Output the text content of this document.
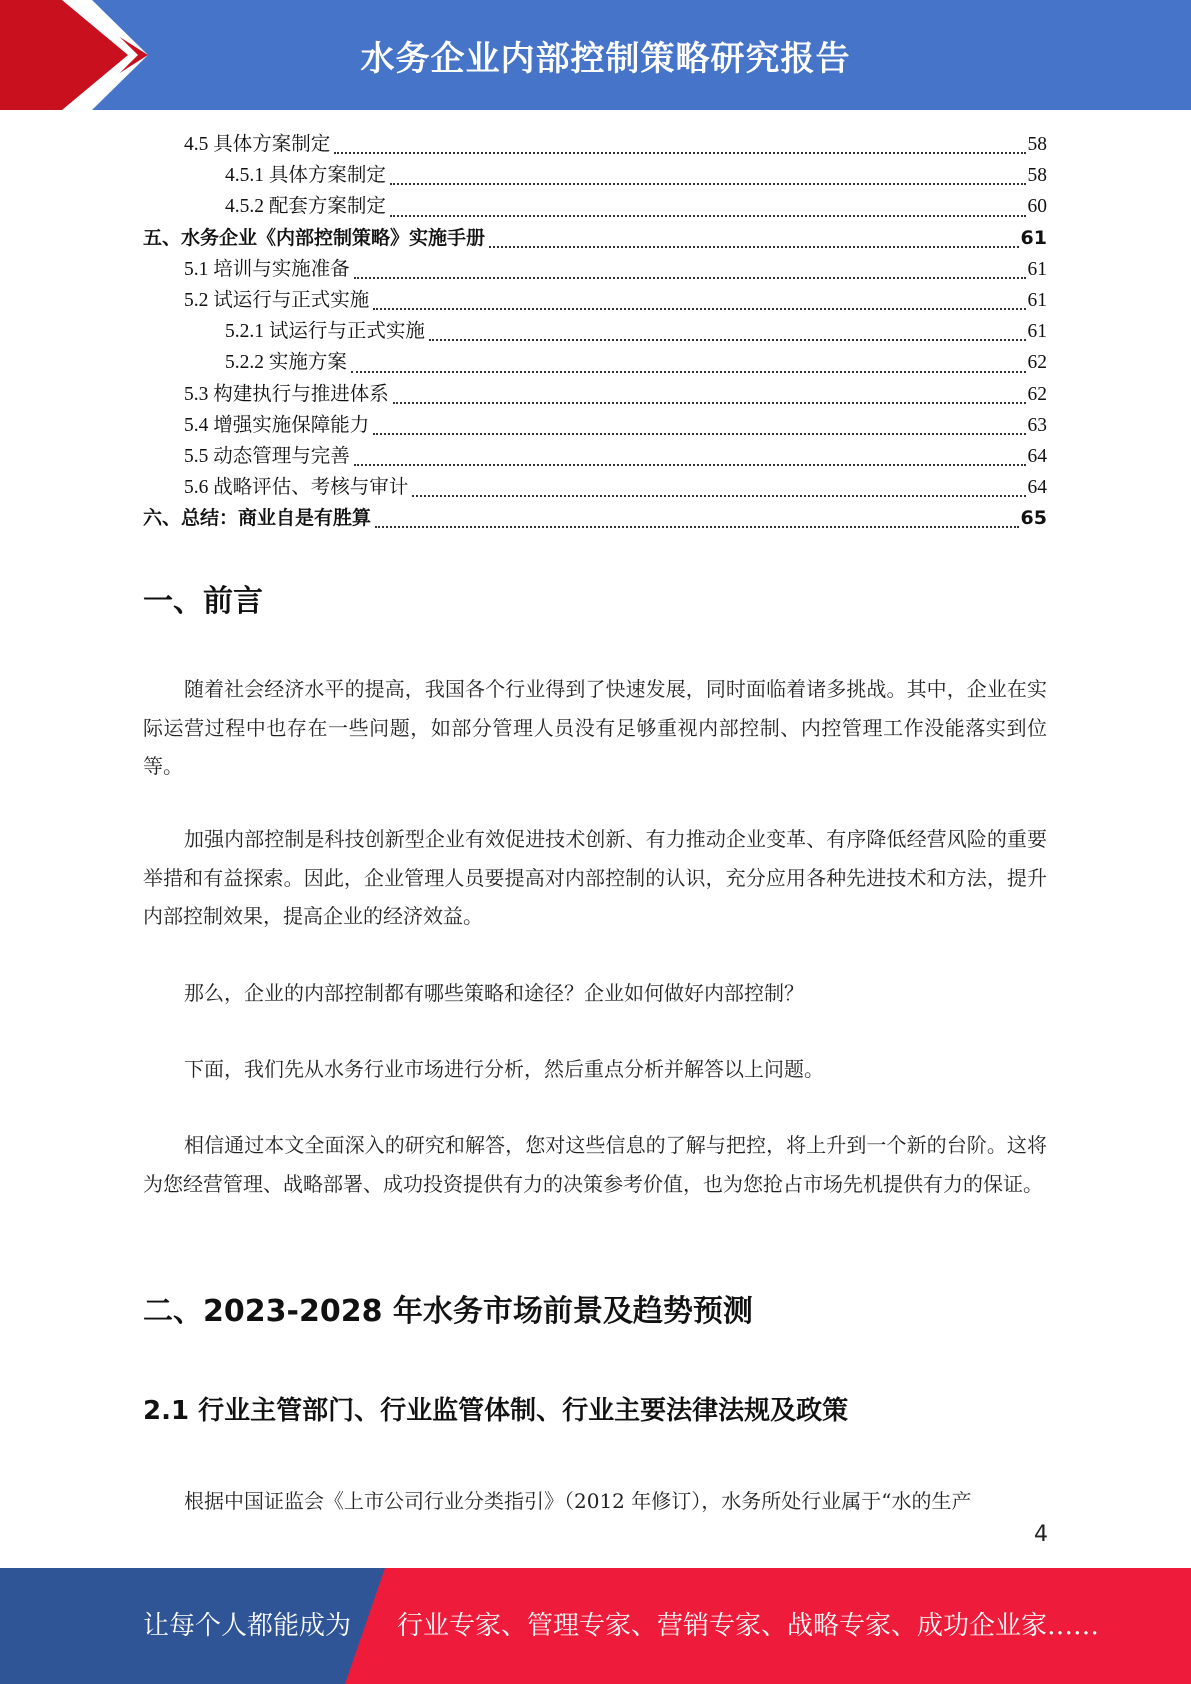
水务企业内部控制策略研究报告
4.5 具体方案制定	58
4.5.1 具体方案制定	58
4.5.2 配套方案制定	60
五、水务企业《内部控制策略》实施手册	61
5.1 培训与实施准备	61
5.2 试运行与正式实施	61
5.2.1 试运行与正式实施	61
5.2.2 实施方案	62
5.3 构建执行与推进体系	62
5.4 增强实施保障能力	63
5.5 动态管理与完善	64
5.6 战略评估、考核与审计	64
六、总结：商业自是有胜算	65
一、前言

随着社会经济水平的提高，我国各个行业得到了快速发展，同时面临着诸多挑战。其中，企业在实际运营过程中也存在一些问题，如部分管理人员没有足够重视内部控制、内控管理工作没能落实到位等。

加强内部控制是科技创新型企业有效促进技术创新、有力推动企业变革、有序降低经营风险的重要举措和有益探索。因此，企业管理人员要提高对内部控制的认识，充分应用各种先进技术和方法，提升内部控制效果，提高企业的经济效益。

那么，企业的内部控制都有哪些策略和途径？企业如何做好内部控制？

下面，我们先从水务行业市场进行分析，然后重点分析并解答以上问题。

相信通过本文全面深入的研究和解答，您对这些信息的了解与把控，将上升到一个新的台阶。这将为您经营管理、战略部署、成功投资提供有力的决策参考价值，也为您抢占市场先机提供有力的保证。

二、2023-2028 年水务市场前景及趋势预测
2.1 行业主管部门、行业监管体制、行业主要法律法规及政策

根据中国证监会《上市公司行业分类指引》（2012 年修订），水务所处行业属于“水的生产

4
让每个人都能成为 行业专家、管理专家、营销专家、战略专家、成功企业家……
